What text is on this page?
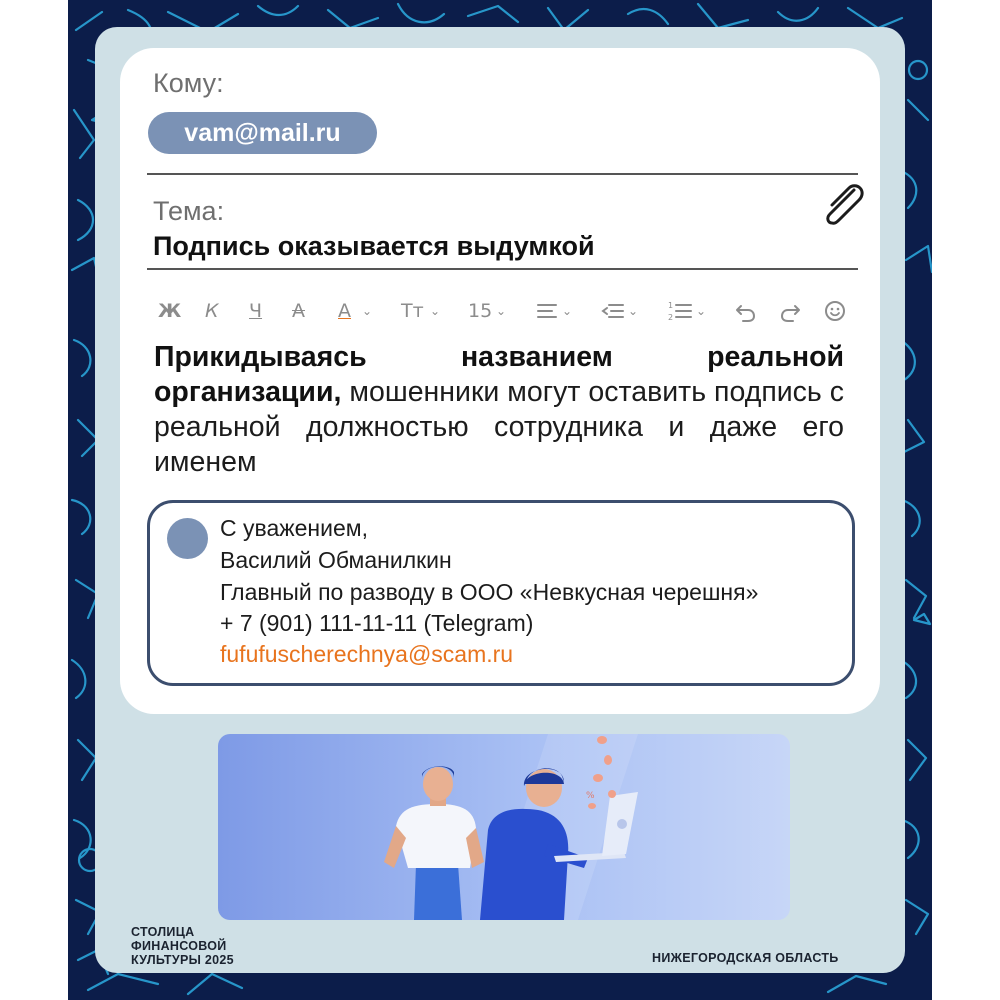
Кому:
vam@mail.ru
Тема:
Подпись оказывается выдумкой
Ж К Ч А А ⌄ Тт ⌄ 15 ⌄	⌄	⌄	1
2 ⌄
Прикидываясь названием реальной организации, мошенники могут оставить подпись с реальной должностью сотрудника и даже его именем
С уважением,
Василий Обманилкин
Главный по разводу в ООО «Невкусная черешня»
+ 7 (901) 111-11-11 (Telegram)
fufufuscherechnya@scam.ru
%
СТОЛИЦА ФИНАНСОВОЙ КУЛЬТУРЫ 2025	НИЖЕГОРОДСКАЯ ОБЛАСТЬ
